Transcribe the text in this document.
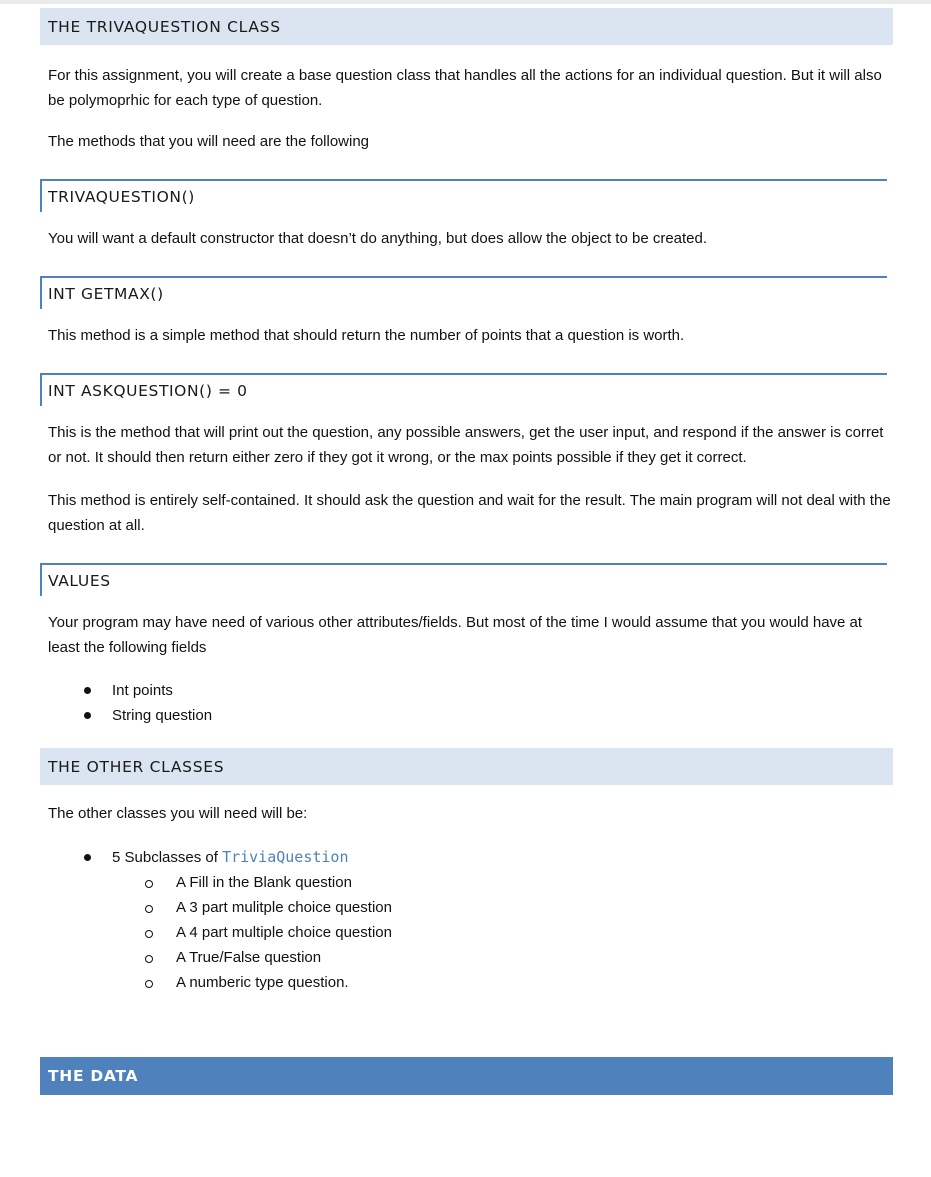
THE TRIVAQUESTION CLASS

For this assignment, you will create a base question class that handles all the actions for an individual question. But it will also be polymoprhic for each type of question.

The methods that you will need are the following

TRIVAQUESTION()

You will want a default constructor that doesn’t do anything, but does allow the object to be created.

INT GETMAX()

This method is a simple method that should return the number of points that a question is worth.

INT ASKQUESTION() = 0

This is the method that will print out the question, any possible answers, get the user input, and respond if the answer is corret or not. It should then return either zero if they got it wrong, or the max points possible if they get it correct.

This method is entirely self-contained. It should ask the question and wait for the result. The main program will not deal with the question at all.

VALUES

Your program may have need of various other attributes/fields. But most of the time I would assume that you would have at least the following fields

Int points
String question
THE OTHER CLASSES

The other classes you will need will be:

5 Subclasses of TriviaQuestion
A Fill in the Blank question
A 3 part mulitple choice question
A 4 part multiple choice question
A True/False question
A numberic type question.
THE DATA
